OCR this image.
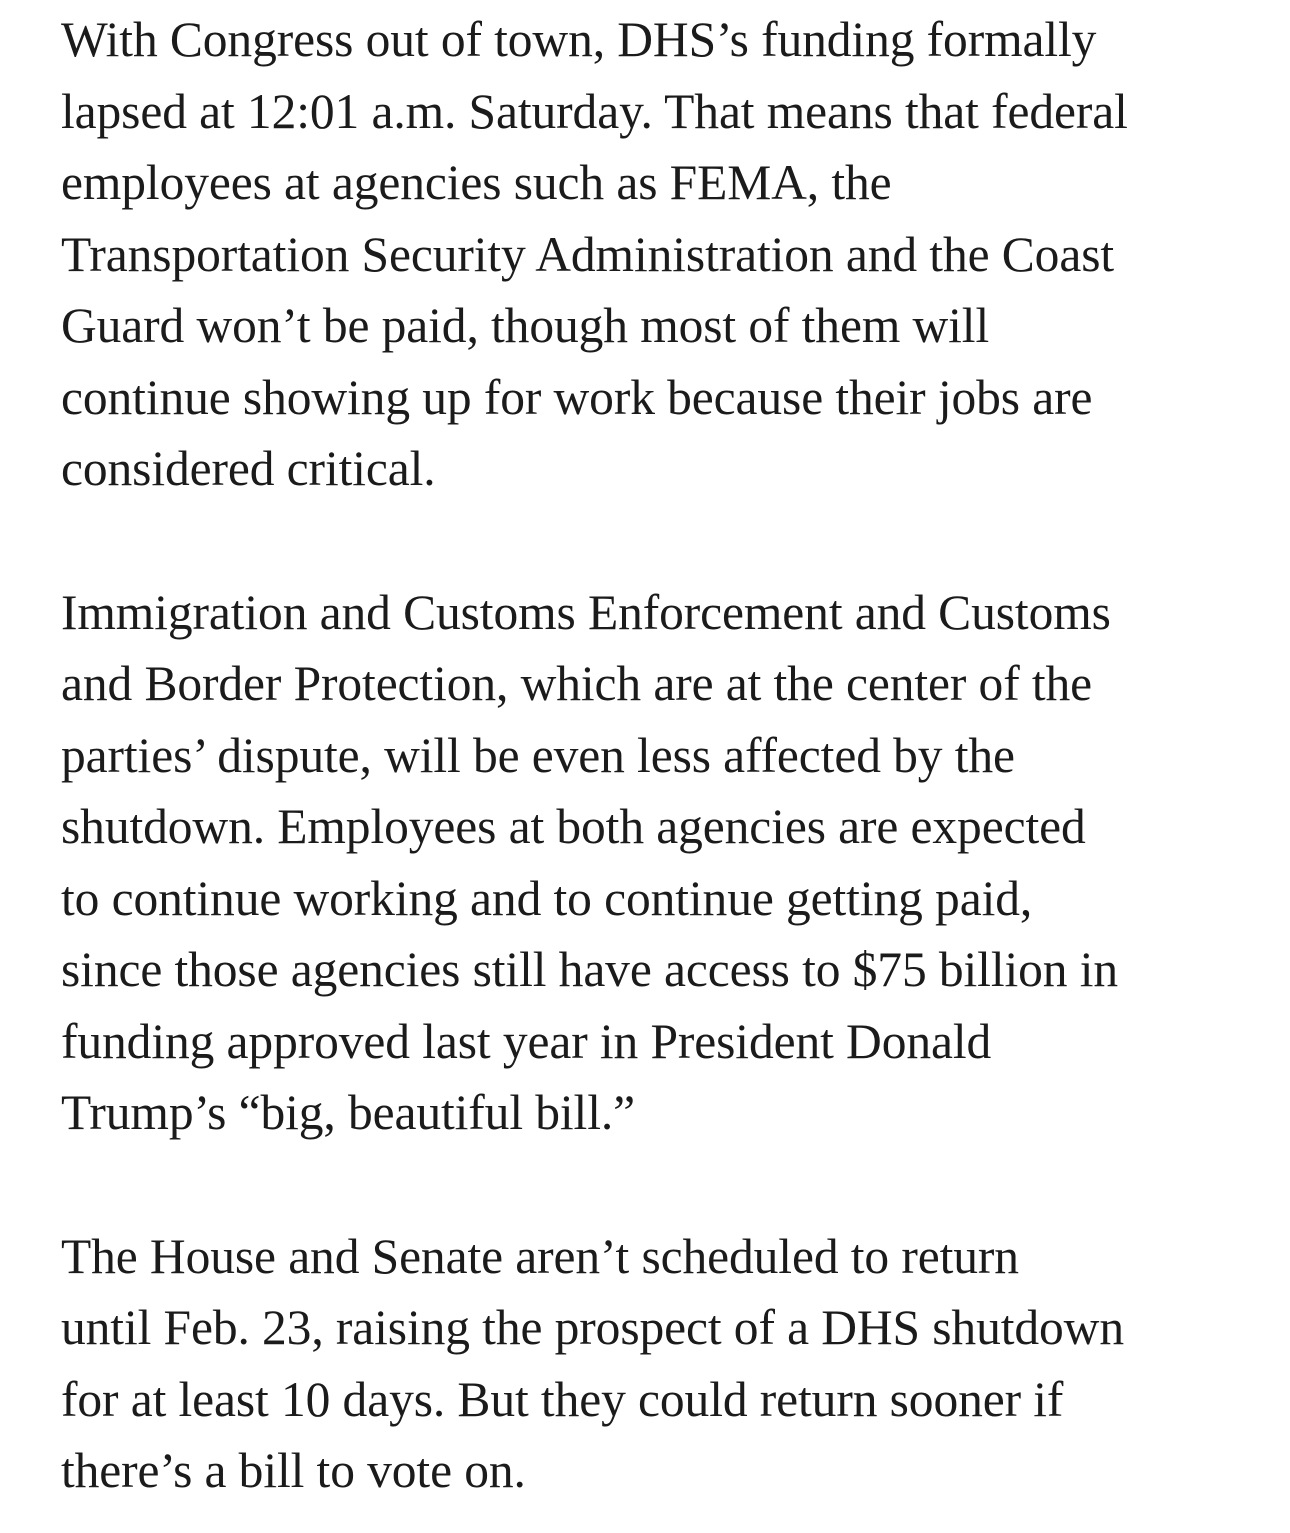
With Congress out of town, DHS’s funding formally
lapsed at 12:01 a.m. Saturday. That means that federal
employees at agencies such as FEMA, the
Transportation Security Administration and the Coast
Guard won’t be paid, though most of them will
continue showing up for work because their jobs are
considered critical.

Immigration and Customs Enforcement and Customs
and Border Protection, which are at the center of the
parties’ dispute, will be even less affected by the
shutdown. Employees at both agencies are expected
to continue working and to continue getting paid,
since those agencies still have access to $75 billion in
funding approved last year in President Donald
Trump’s “big, beautiful bill.”

The House and Senate aren’t scheduled to return
until Feb. 23, raising the prospect of a DHS shutdown
for at least 10 days. But they could return sooner if
there’s a bill to vote on.
